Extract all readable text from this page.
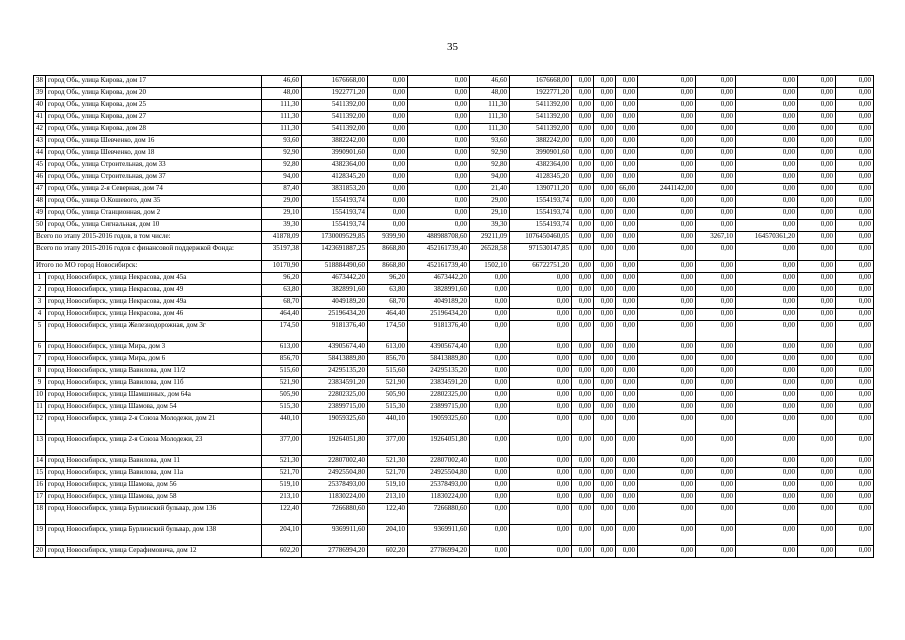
35
38	город Обь, улица Кирова, дом 17	46,60	1676668,00	0,00	0,00	46,60	1676668,00	0,00	0,00	0,00	0,00	0,00	0,00	0,00	0,00
39	город Обь, улица Кирова, дом 20	48,00	1922771,20	0,00	0,00	48,00	1922771,20	0,00	0,00	0,00	0,00	0,00	0,00	0,00	0,00
40	город Обь, улица Кирова, дом 25	111,30	5411392,00	0,00	0,00	111,30	5411392,00	0,00	0,00	0,00	0,00	0,00	0,00	0,00	0,00
41	город Обь, улица Кирова, дом 27	111,30	5411392,00	0,00	0,00	111,30	5411392,00	0,00	0,00	0,00	0,00	0,00	0,00	0,00	0,00
42	город Обь, улица Кирова, дом 28	111,30	5411392,00	0,00	0,00	111,30	5411392,00	0,00	0,00	0,00	0,00	0,00	0,00	0,00	0,00
43	город Обь, улица Шевченко, дом 16	93,60	3882242,00	0,00	0,00	93,60	3882242,00	0,00	0,00	0,00	0,00	0,00	0,00	0,00	0,00
44	город Обь, улица Шевченко, дом 18	92,90	3990901,60	0,00	0,00	92,90	3990901,60	0,00	0,00	0,00	0,00	0,00	0,00	0,00	0,00
45	город Обь, улица Строительная, дом 33	92,80	4382364,00	0,00	0,00	92,80	4382364,00	0,00	0,00	0,00	0,00	0,00	0,00	0,00	0,00
46	город Обь, улица Строительная, дом 37	94,00	4128345,20	0,00	0,00	94,00	4128345,20	0,00	0,00	0,00	0,00	0,00	0,00	0,00	0,00
47	город Обь, улица 2-я Северная, дом 74	87,40	3831853,20	0,00	0,00	21,40	1390711,20	0,00	0,00	66,00	2441142,00	0,00	0,00	0,00	0,00
48	город Обь, улица О.Кошевого, дом 35	29,00	1554193,74	0,00	0,00	29,00	1554193,74	0,00	0,00	0,00	0,00	0,00	0,00	0,00	0,00
49	город Обь, улица Станционная, дом 2	29,10	1554193,74	0,00	0,00	29,10	1554193,74	0,00	0,00	0,00	0,00	0,00	0,00	0,00	0,00
50	город Обь, улица Сигнальная, дом 10	39,30	1554193,74	0,00	0,00	39,30	1554193,74	0,00	0,00	0,00	0,00	0,00	0,00	0,00	0,00
Всего по этапу 2015-2016 годов, в том числе:		41878,09	1730009529,85	9399,90	488988708,60	29211,09	1076450460,05	0,00	0,00	0,00	0,00	3267,10	164570361,20	0,00	0,00
Всего по этапу 2015-2016 годов с финансовой поддержкой Фонда:		35197,38	1423691887,25	8668,80	452161739,40	26528,58	971530147,85	0,00	0,00	0,00	0,00	0,00	0,00	0,00	0,00
Итого по МО город Новосибирск:		10170,90	518884490,60	8668,80	452161739,40	1502,10	66722751,20	0,00	0,00	0,00	0,00	0,00	0,00	0,00	0,00
1	город Новосибирск, улица Некрасова, дом 45а	96,20	4673442,20	96,20	4673442,20	0,00	0,00	0,00	0,00	0,00	0,00	0,00	0,00	0,00	0,00
2	город Новосибирск, улица Некрасова, дом 49	63,80	3828991,60	63,80	3828991,60	0,00	0,00	0,00	0,00	0,00	0,00	0,00	0,00	0,00	0,00
3	город Новосибирск, улица Некрасова, дом 49а	68,70	4049189,20	68,70	4049189,20	0,00	0,00	0,00	0,00	0,00	0,00	0,00	0,00	0,00	0,00
4	город Новосибирск, улица Некрасова, дом 46	464,40	25196434,20	464,40	25196434,20	0,00	0,00	0,00	0,00	0,00	0,00	0,00	0,00	0,00	0,00
5	город Новосибирск, улица Железнодорожная, дом 3г	174,50	9181376,40	174,50	9181376,40	0,00	0,00	0,00	0,00	0,00	0,00	0,00	0,00	0,00	0,00
6	город Новосибирск, улица Мира, дом 3	613,00	43905674,40	613,00	43905674,40	0,00	0,00	0,00	0,00	0,00	0,00	0,00	0,00	0,00	0,00
7	город Новосибирск, улица Мира, дом 6	856,70	58413889,80	856,70	58413889,80	0,00	0,00	0,00	0,00	0,00	0,00	0,00	0,00	0,00	0,00
8	город Новосибирск, улица Вавилова, дом 11/2	515,60	24295135,20	515,60	24295135,20	0,00	0,00	0,00	0,00	0,00	0,00	0,00	0,00	0,00	0,00
9	город Новосибирск, улица Вавилова, дом 11б	521,90	23834591,20	521,90	23834591,20	0,00	0,00	0,00	0,00	0,00	0,00	0,00	0,00	0,00	0,00
10	город Новосибирск, улица Шамшиных, дом 64а	505,90	22802325,00	505,90	22802325,00	0,00	0,00	0,00	0,00	0,00	0,00	0,00	0,00	0,00	0,00
11	город Новосибирск, улица Шамова, дом 54	515,30	23899715,00	515,30	23899715,00	0,00	0,00	0,00	0,00	0,00	0,00	0,00	0,00	0,00	0,00
12	город Новосибирск, улица 2-я Союза Молодежи, дом 21	440,10	19059325,60	440,10	19059325,60	0,00	0,00	0,00	0,00	0,00	0,00	0,00	0,00	0,00	0,00
13	город Новосибирск, улица 2-я Союза Молодежи, 23	377,00	19264051,80	377,00	19264051,80	0,00	0,00	0,00	0,00	0,00	0,00	0,00	0,00	0,00	0,00
14	город Новосибирск, улица Вавилова, дом 11	521,30	22807002,40	521,30	22807002,40	0,00	0,00	0,00	0,00	0,00	0,00	0,00	0,00	0,00	0,00
15	город Новосибирск, улица Вавилова, дом 11а	521,70	24925504,80	521,70	24925504,80	0,00	0,00	0,00	0,00	0,00	0,00	0,00	0,00	0,00	0,00
16	город Новосибирск, улица Шамова, дом 56	519,10	25378493,00	519,10	25378493,00	0,00	0,00	0,00	0,00	0,00	0,00	0,00	0,00	0,00	0,00
17	город Новосибирск, улица Шамова, дом 58	213,10	11830224,00	213,10	11830224,00	0,00	0,00	0,00	0,00	0,00	0,00	0,00	0,00	0,00	0,00
18	город Новосибирск, улица Бурлинский бульвар, дом 136	122,40	7266880,60	122,40	7266880,60	0,00	0,00	0,00	0,00	0,00	0,00	0,00	0,00	0,00	0,00
19	город Новосибирск, улица Бурлинский бульвар, дом 138	204,10	9369911,60	204,10	9369911,60	0,00	0,00	0,00	0,00	0,00	0,00	0,00	0,00	0,00	0,00
20	город Новосибирск, улица Серафимовича, дом 12	602,20	27786994,20	602,20	27786994,20	0,00	0,00	0,00	0,00	0,00	0,00	0,00	0,00	0,00	0,00
